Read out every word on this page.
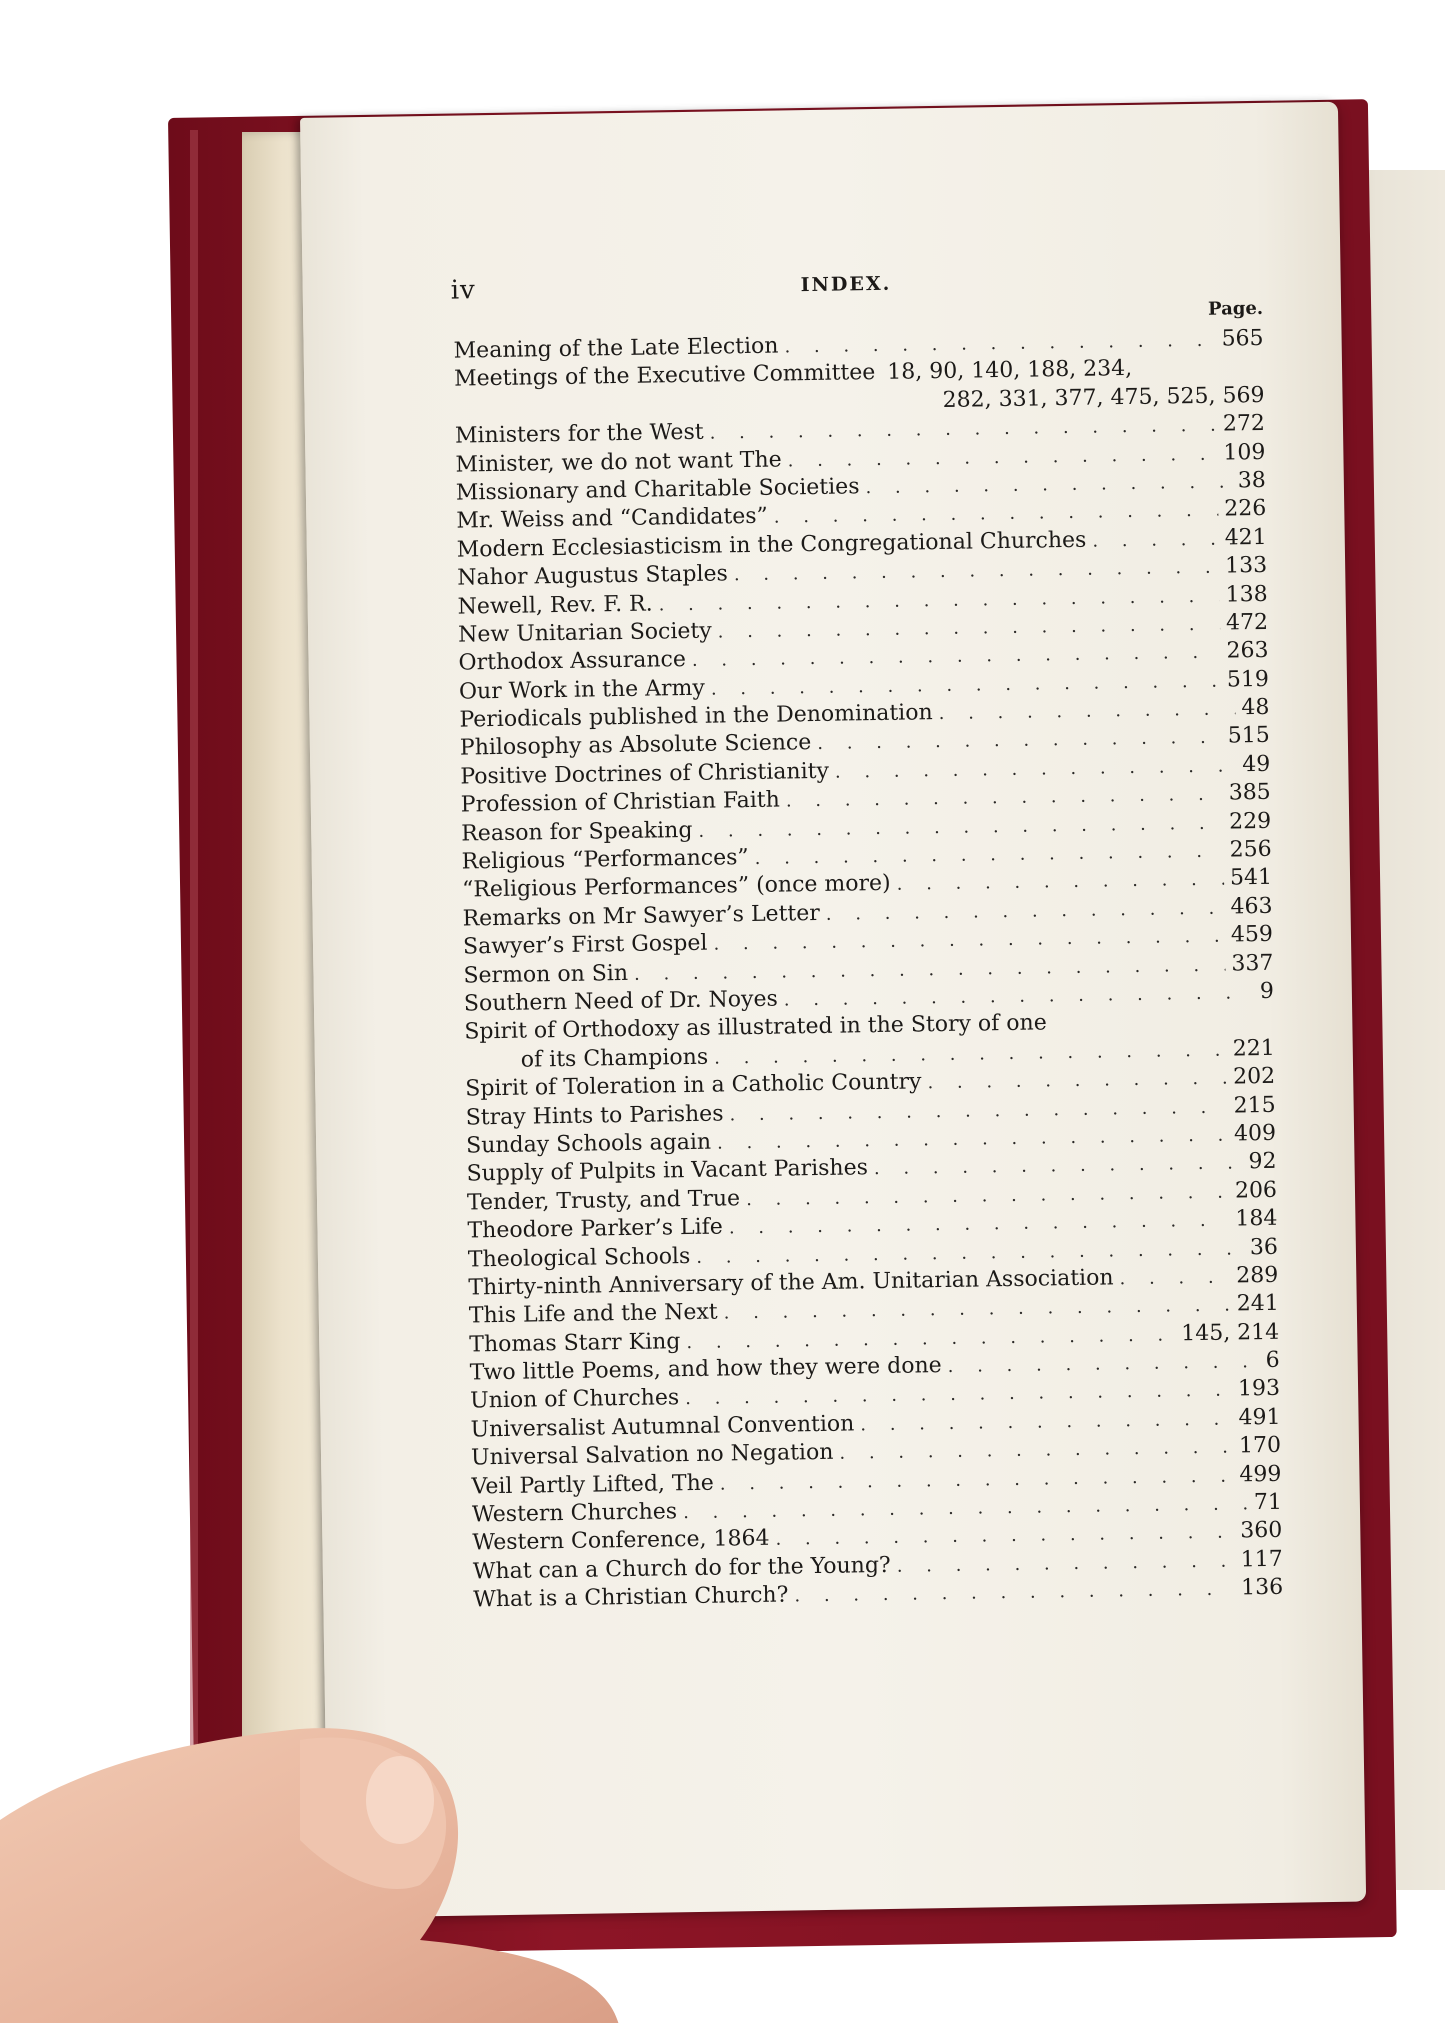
iv	INDEX.
Page.
Meaning of the Late Election . . .	565
Meetings of the Executive Committee 18, 90, 140, 188, 234,
282, 331, 377, 475, 525, 569
Ministers for the West . . .	272
Minister, we do not want The . . .	109
Missionary and Charitable Societies . . .	38
Mr. Weiss and “Candidates” . . .	226
Modern Ecclesiasticism in the Congregational Churches . . .	421
Nahor Augustus Staples . . .	133
Newell, Rev. F. R. . . .	138
New Unitarian Society . . .	472
Orthodox Assurance . . .	263
Our Work in the Army . . .	519
Periodicals published in the Denomination . . .	48
Philosophy as Absolute Science . . .	515
Positive Doctrines of Christianity . . .	49
Profession of Christian Faith . . .	385
Reason for Speaking . . .	229
Religious “Performances” . . .	256
“Religious Performances” (once more) . . .	541
Remarks on Mr Sawyer’s Letter . . .	463
Sawyer’s First Gospel . . .	459
Sermon on Sin . . .	337
Southern Need of Dr. Noyes . . .	9
Spirit of Orthodoxy as illustrated in the Story of one
of its Champions . . .	221
Spirit of Toleration in a Catholic Country . . .	202
Stray Hints to Parishes . . .	215
Sunday Schools again . . .	409
Supply of Pulpits in Vacant Parishes . . .	92
Tender, Trusty, and True . . .	206
Theodore Parker’s Life . . .	184
Theological Schools . . .	36
Thirty-ninth Anniversary of the Am. Unitarian Association . . .	289
This Life and the Next . . .	241
Thomas Starr King . . .	145, 214
Two little Poems, and how they were done . . .	6
Union of Churches . . .	193
Universalist Autumnal Convention . . .	491
Universal Salvation no Negation . . .	170
Veil Partly Lifted, The . . .	499
Western Churches . . .	71
Western Conference, 1864 . . .	360
What can a Church do for the Young? . . .	117
What is a Christian Church? . . .	136
